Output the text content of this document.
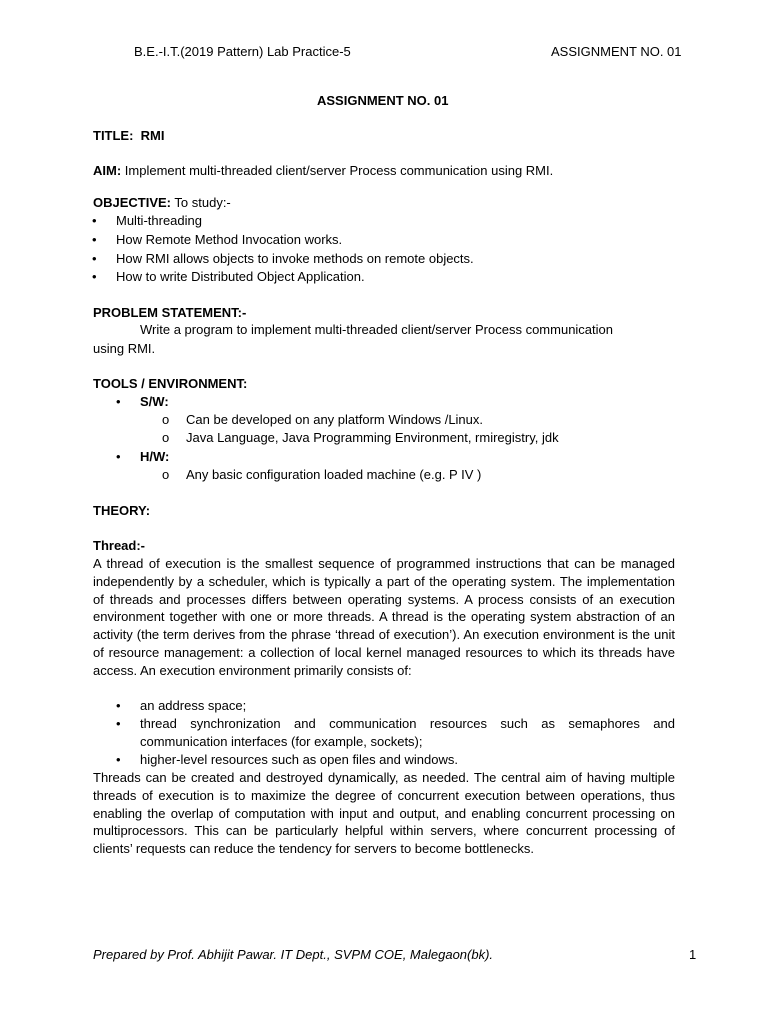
B.E.-I.T.(2019 Pattern) Lab Practice-5	ASSIGNMENT NO. 01
ASSIGNMENT NO. 01
TITLE: RMI
AIM: Implement multi-threaded client/server Process communication using RMI.
OBJECTIVE: To study:-
• Multi-threading
• How Remote Method Invocation works.
• How RMI allows objects to invoke methods on remote objects.
• How to write Distributed Object Application.
PROBLEM STATEMENT:-
Write a program to implement multi-threaded client/server Process communication
using RMI.
TOOLS / ENVIRONMENT:
• S/W:
o Can be developed on any platform Windows /Linux.
o Java Language, Java Programming Environment, rmiregistry, jdk
• H/W:
o Any basic configuration loaded machine (e.g. P IV )
THEORY:
Thread:-
A thread of execution is the smallest sequence of programmed instructions that can be managed independently by a scheduler, which is typically a part of the operating system. The implementation of threads and processes differs between operating systems. A process consists of an execution environment together with one or more threads. A thread is the operating system abstraction of an activity (the term derives from the phrase ‘thread of execution’). An execution environment is the unit of resource management: a collection of local kernel managed resources to which its threads have access. An execution environment primarily consists of:
• an address space;
• thread synchronization and communication resources such as semaphores and communication interfaces (for example, sockets);
• higher-level resources such as open files and windows.
Threads can be created and destroyed dynamically, as needed. The central aim of having multiple threads of execution is to maximize the degree of concurrent execution between operations, thus enabling the overlap of computation with input and output, and enabling concurrent processing on multiprocessors. This can be particularly helpful within servers, where concurrent processing of clients’ requests can reduce the tendency for servers to become bottlenecks.
Prepared by Prof. Abhijit Pawar. IT Dept., SVPM COE, Malegaon(bk).	1
